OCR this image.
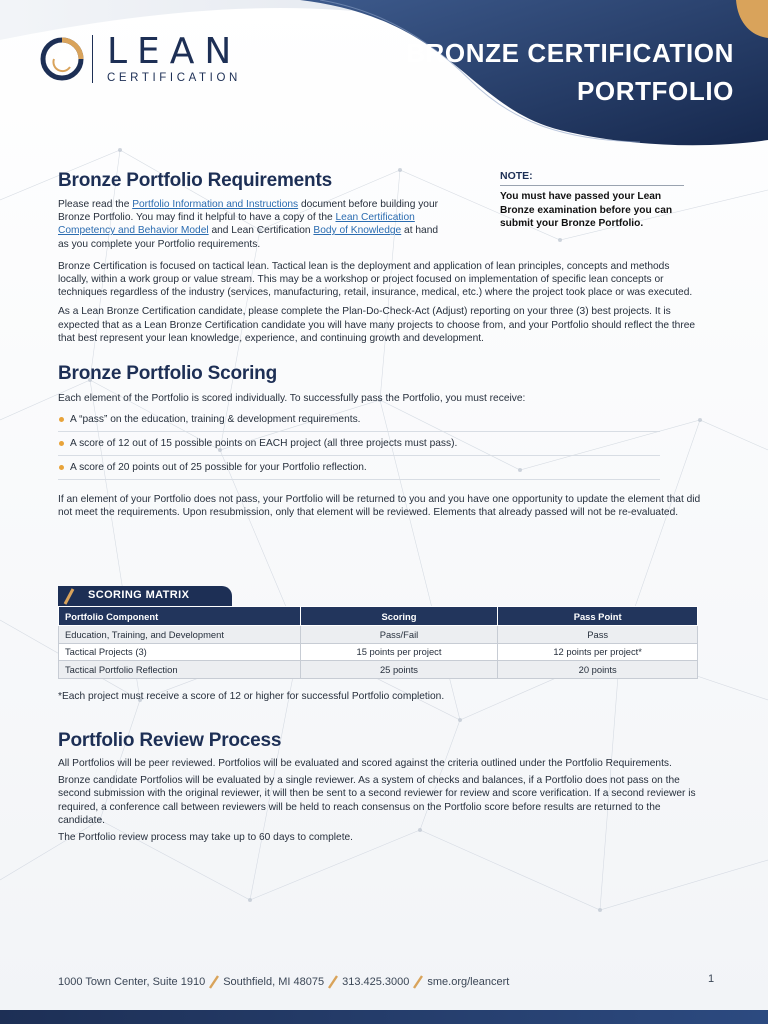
LEAN
CERTIFICATION
BRONZE CERTIFICATION
PORTFOLIO
NOTE:
You must have passed your Lean Bronze examination before you can submit your Bronze Portfolio.
Bronze Portfolio Requirements

Please read the Portfolio Information and Instructions document before building your Bronze Portfolio. You may find it helpful to have a copy of the Lean Certification Competency and Behavior Model and Lean Certification Body of Knowledge at hand as you complete your Portfolio requirements.

Bronze Certification is focused on tactical lean. Tactical lean is the deployment and application of lean principles, concepts and methods locally, within a work group or value stream. This may be a workshop or project focused on implementation of specific lean concepts or techniques regardless of the industry (services, manufacturing, retail, insurance, medical, etc.) where the project took place or was executed.

As a Lean Bronze Certification candidate, please complete the Plan-Do-Check-Act (Adjust) reporting on your three (3) best projects. It is expected that as a Lean Bronze Certification candidate you will have many projects to choose from, and your Portfolio should reflect the three that best represent your lean knowledge, experience, and continuing growth and development.

Bronze Portfolio Scoring

Each element of the Portfolio is scored individually. To successfully pass the Portfolio, you must receive:

A “pass” on the education, training & development requirements.
A score of 12 out of 15 possible points on EACH project (all three projects must pass).
A score of 20 points out of 25 possible for your Portfolio reflection.

If an element of your Portfolio does not pass, your Portfolio will be returned to you and you have one opportunity to update the element that did not meet the requirements. Upon resubmission, only that element will be reviewed. Elements that already passed will not be re-evaluated.

SCORING MATRIX
Portfolio Component	Scoring	Pass Point
Education, Training, and Development	Pass/Fail	Pass
Tactical Projects (3)	15 points per project	12 points per project*
Tactical Portfolio Reflection	25 points	20 points

*Each project must receive a score of 12 or higher for successful Portfolio completion.

Portfolio Review Process

All Portfolios will be peer reviewed. Portfolios will be evaluated and scored against the criteria outlined under the Portfolio Requirements.

Bronze candidate Portfolios will be evaluated by a single reviewer. As a system of checks and balances, if a Portfolio does not pass on the second submission with the original reviewer, it will then be sent to a second reviewer for review and score verification. If a second reviewer is required, a conference call between reviewers will be held to reach consensus on the Portfolio score before results are returned to the candidate.

The Portfolio review process may take up to 60 days to complete.

1000 Town Center, Suite 1910 Southfield, MI 48075 313.425.3000 sme.org/leancert	1
